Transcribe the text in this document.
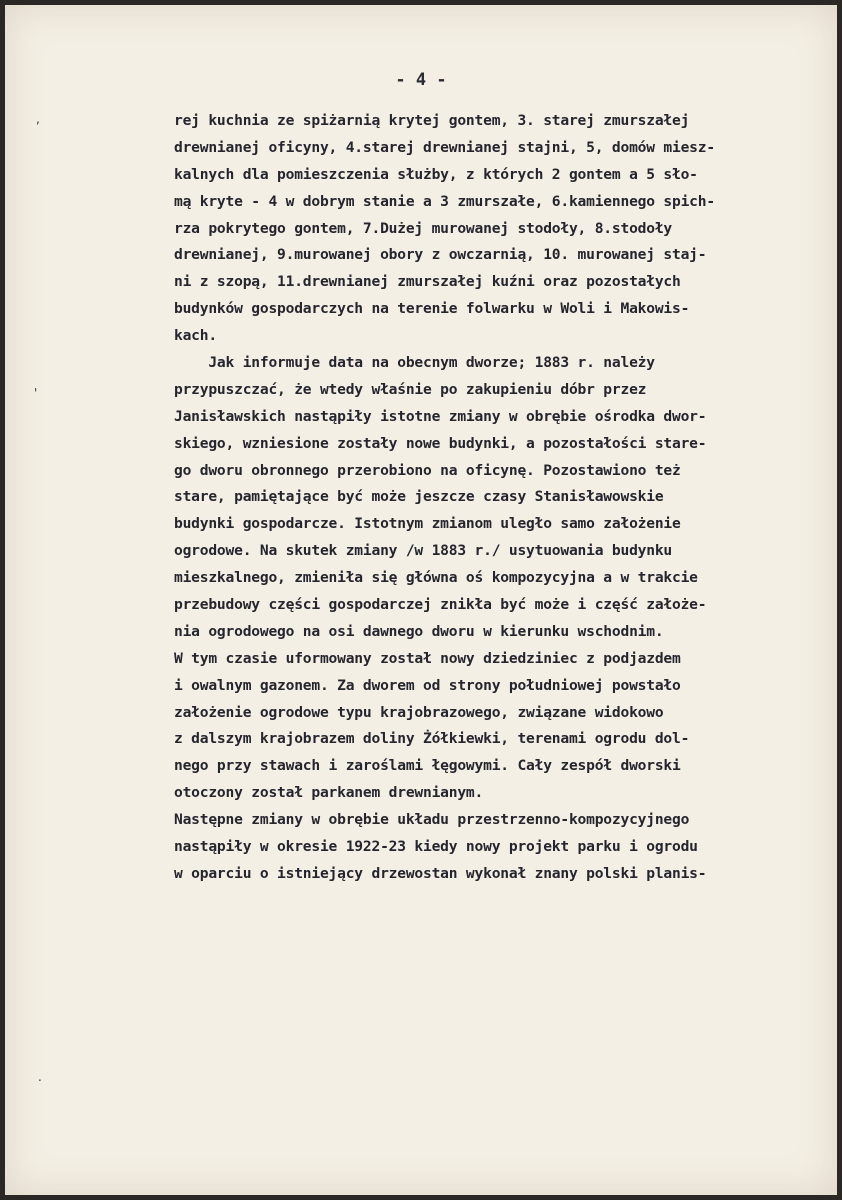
- 4 -
,
'
.
rej kuchnia ze spiżarnią krytej gontem, 3. starej zmurszałej
drewnianej oficyny, 4.starej drewnianej stajni, 5, domów miesz-
kalnych dla pomieszczenia służby, z których 2 gontem a 5 sło-
mą kryte - 4 w dobrym stanie a 3 zmurszałe, 6.kamiennego spich-
rza pokrytego gontem, 7.Dużej murowanej stodoły, 8.stodoły
drewnianej, 9.murowanej obory z owczarnią, 10. murowanej staj-
ni z szopą, 11.drewnianej zmurszałej kuźni oraz pozostałych
budynków gospodarczych na terenie folwarku w Woli i Makowis-
kach.
Jak informuje data na obecnym dworze; 1883 r. należy
przypuszczać, że wtedy właśnie po zakupieniu dóbr przez
Janisławskich nastąpiły istotne zmiany w obrębie ośrodka dwor-
skiego, wzniesione zostały nowe budynki, a pozostałości stare-
go dworu obronnego przerobiono na oficynę. Pozostawiono też
stare, pamiętające być może jeszcze czasy Stanisławowskie
budynki gospodarcze. Istotnym zmianom uległo samo założenie
ogrodowe. Na skutek zmiany /w 1883 r./ usytuowania budynku
mieszkalnego, zmieniła się główna oś kompozycyjna a w trakcie
przebudowy części gospodarczej znikła być może i część założe-
nia ogrodowego na osi dawnego dworu w kierunku wschodnim.
W tym czasie uformowany został nowy dziedziniec z podjazdem
i owalnym gazonem. Za dworem od strony południowej powstało
założenie ogrodowe typu krajobrazowego, związane widokowo
z dalszym krajobrazem doliny Żółkiewki, terenami ogrodu dol-
nego przy stawach i zaroślami łęgowymi. Cały zespół dworski
otoczony został parkanem drewnianym.
Następne zmiany w obrębie układu przestrzenno-kompozycyjnego
nastąpiły w okresie 1922-23 kiedy nowy projekt parku i ogrodu
w oparciu o istniejący drzewostan wykonał znany polski planis-
